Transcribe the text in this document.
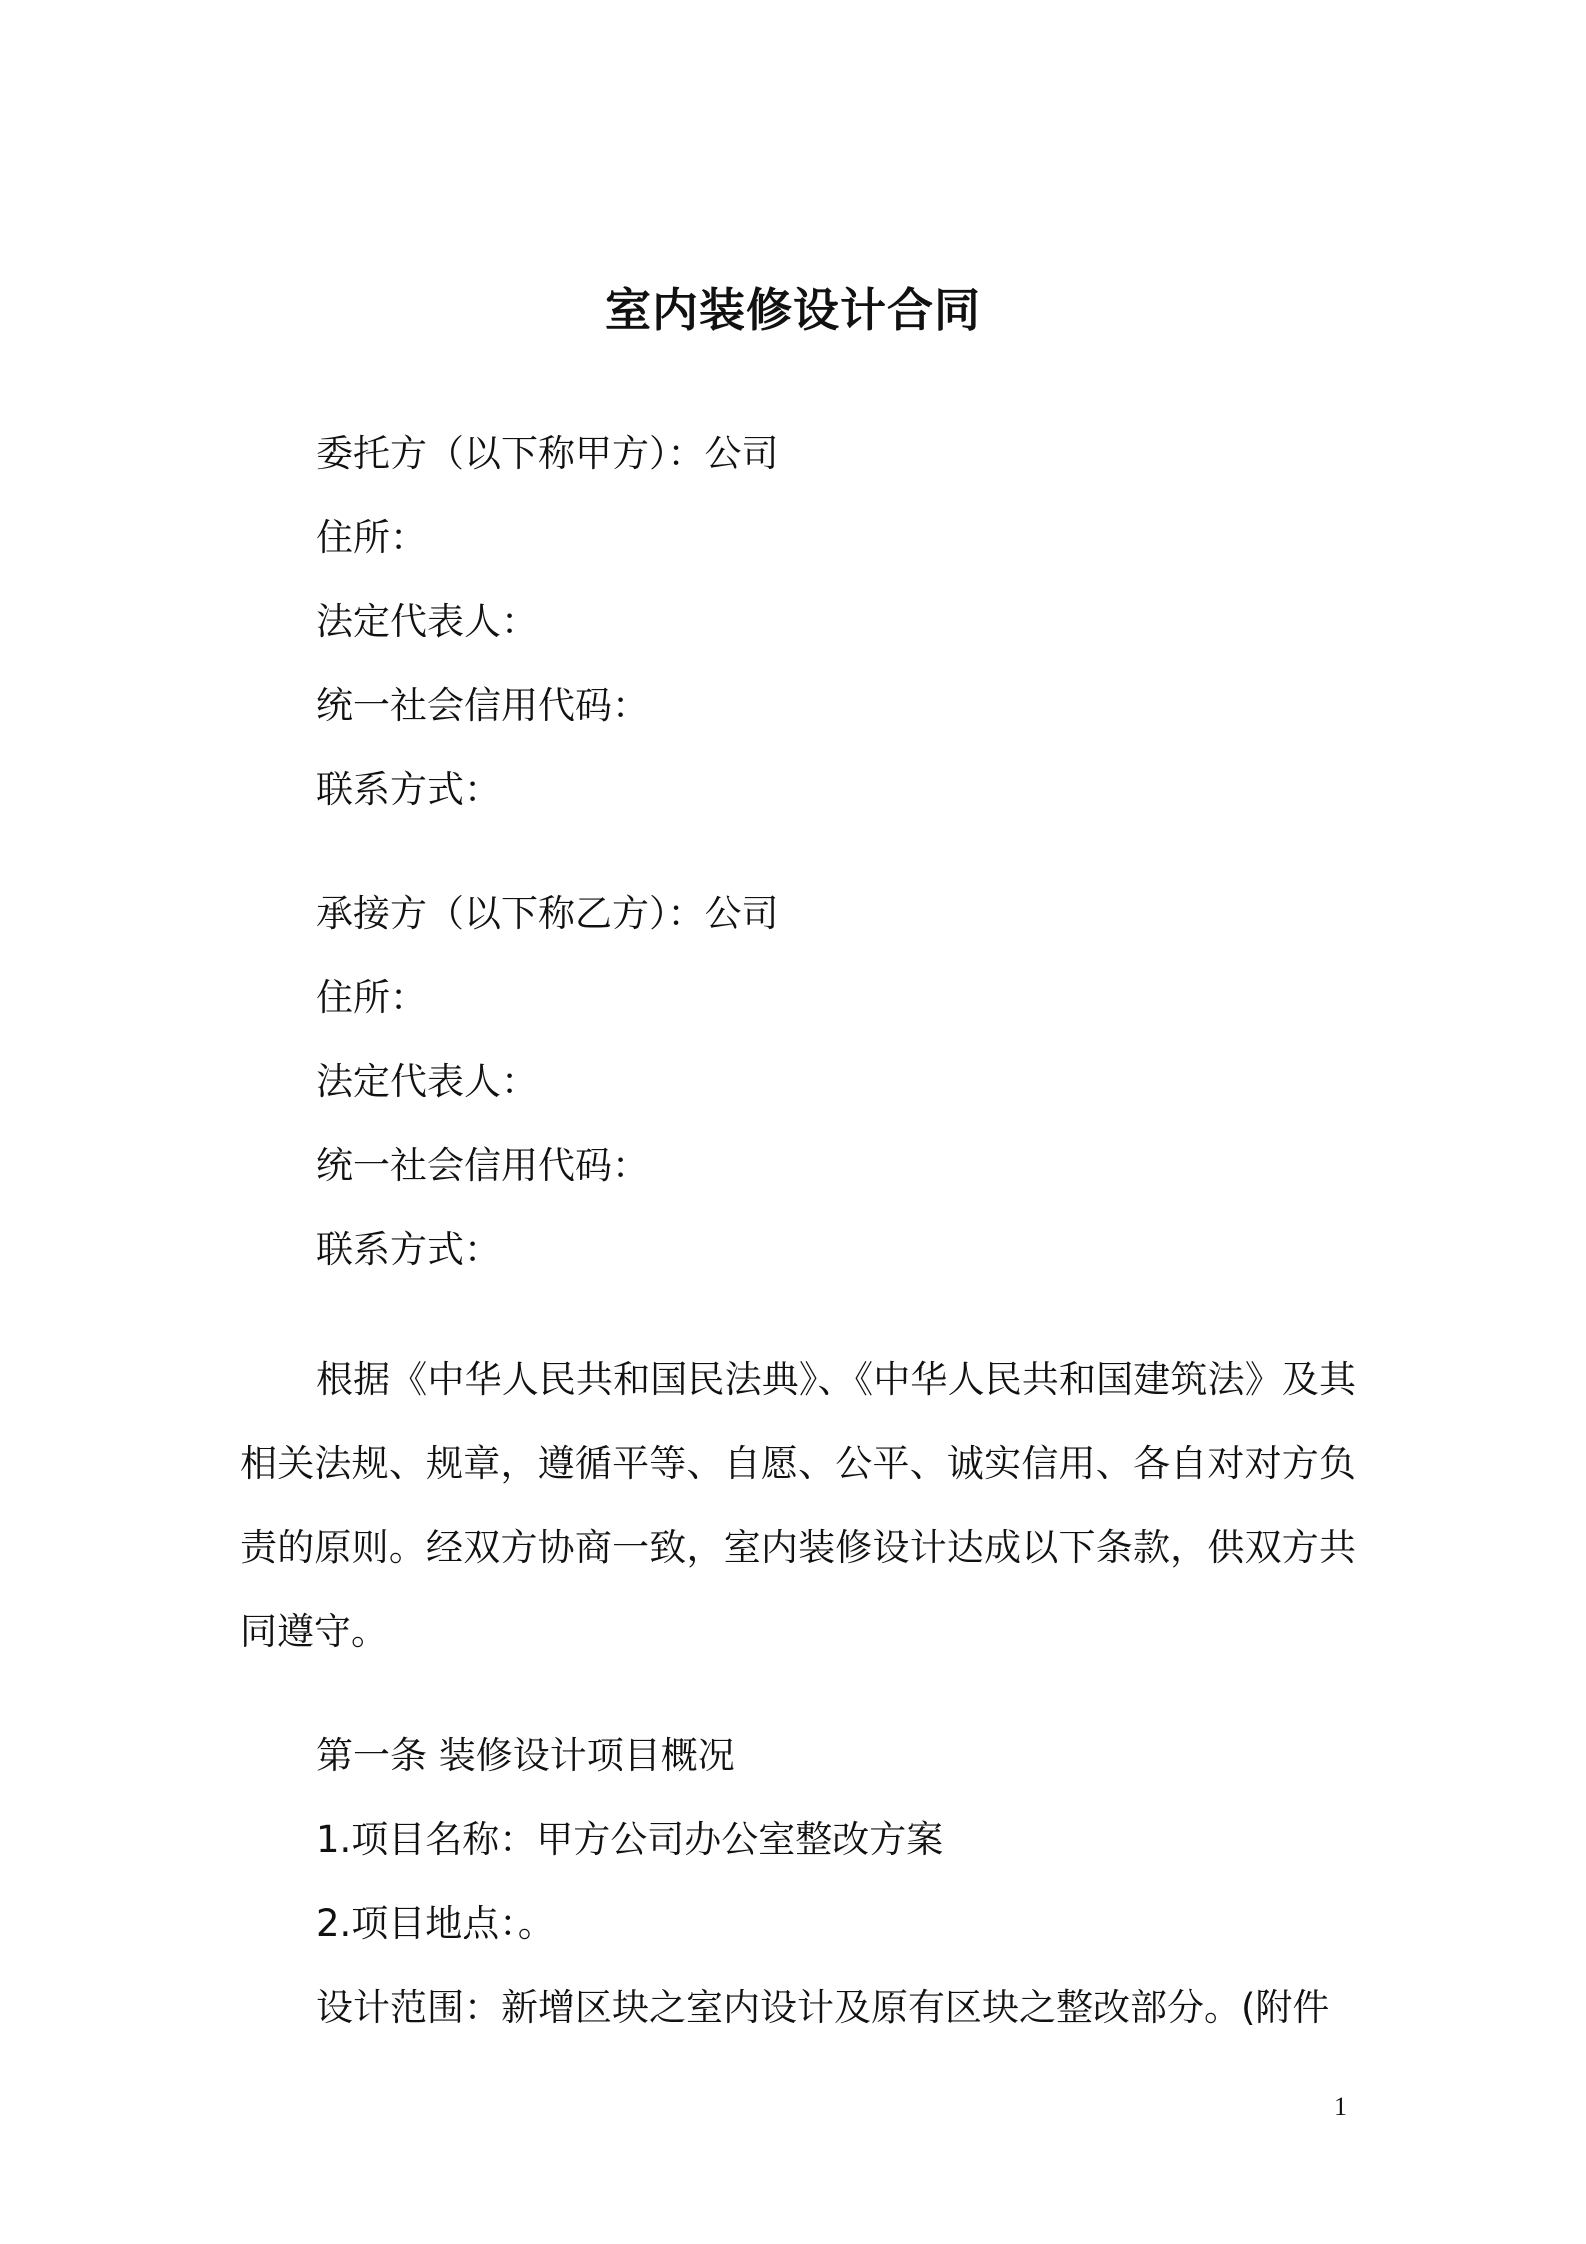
室内装修设计合同
委托方（以下称甲方）：公司
住所：
法定代表人：
统一社会信用代码：
联系方式：
承接方（以下称乙方）：公司
住所：
法定代表人：
统一社会信用代码：
联系方式：

根据《中华人民共和国民法典》、《中华人民共和国建筑法》及其相关法规、规章，遵循平等、自愿、公平、诚实信用、各自对对方负责的原则。经双方协商一致，室内装修设计达成以下条款，供双方共同遵守。

第一条 装修设计项目概况
1.项目名称：甲方公司办公室整改方案
2.项目地点：。
设计范围：新增区块之室内设计及原有区块之整改部分。(附件
1
